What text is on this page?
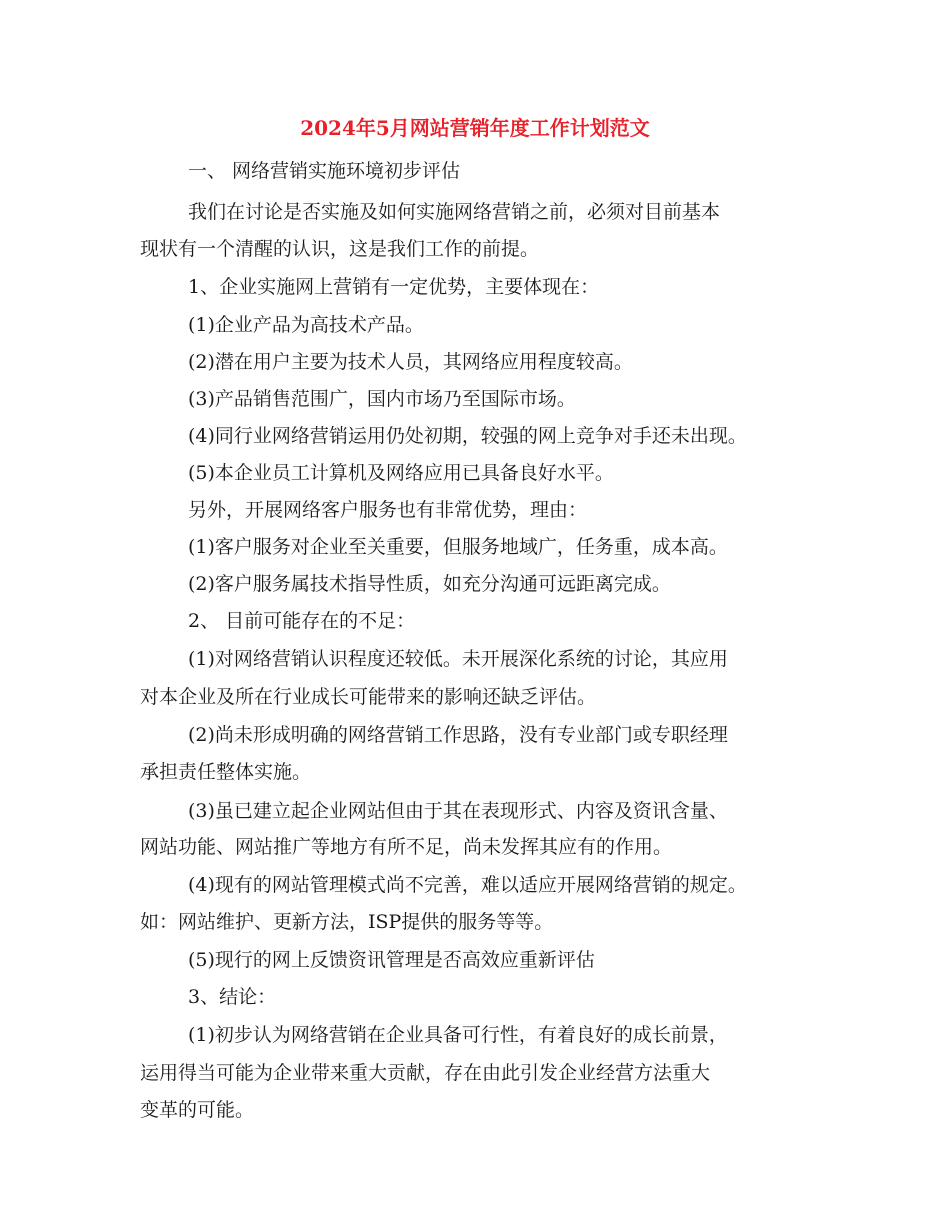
2024年5月网站营销年度工作计划范文
一、 网络营销实施环境初步评估
我们在讨论是否实施及如何实施网络营销之前，必须对目前基本
现状有一个清醒的认识，这是我们工作的前提。
1、企业实施网上营销有一定优势，主要体现在：
(1)企业产品为高技术产品。
(2)潜在用户主要为技术人员，其网络应用程度较高。
(3)产品销售范围广，国内市场乃至国际市场。
(4)同行业网络营销运用仍处初期，较强的网上竞争对手还未出现。
(5)本企业员工计算机及网络应用已具备良好水平。
另外，开展网络客户服务也有非常优势，理由：
(1)客户服务对企业至关重要，但服务地域广，任务重，成本高。
(2)客户服务属技术指导性质，如充分沟通可远距离完成。
2、 目前可能存在的不足：
(1)对网络营销认识程度还较低。未开展深化系统的讨论，其应用
对本企业及所在行业成长可能带来的影响还缺乏评估。
(2)尚未形成明确的网络营销工作思路，没有专业部门或专职经理
承担责任整体实施。
(3)虽已建立起企业网站但由于其在表现形式、内容及资讯含量、
网站功能、网站推广等地方有所不足，尚未发挥其应有的作用。
(4)现有的网站管理模式尚不完善，难以适应开展网络营销的规定。
如：网站维护、更新方法，ISP提供的服务等等。
(5)现行的网上反馈资讯管理是否高效应重新评估
3、结论：
(1)初步认为网络营销在企业具备可行性，有着良好的成长前景，
运用得当可能为企业带来重大贡献，存在由此引发企业经营方法重大
变革的可能。
